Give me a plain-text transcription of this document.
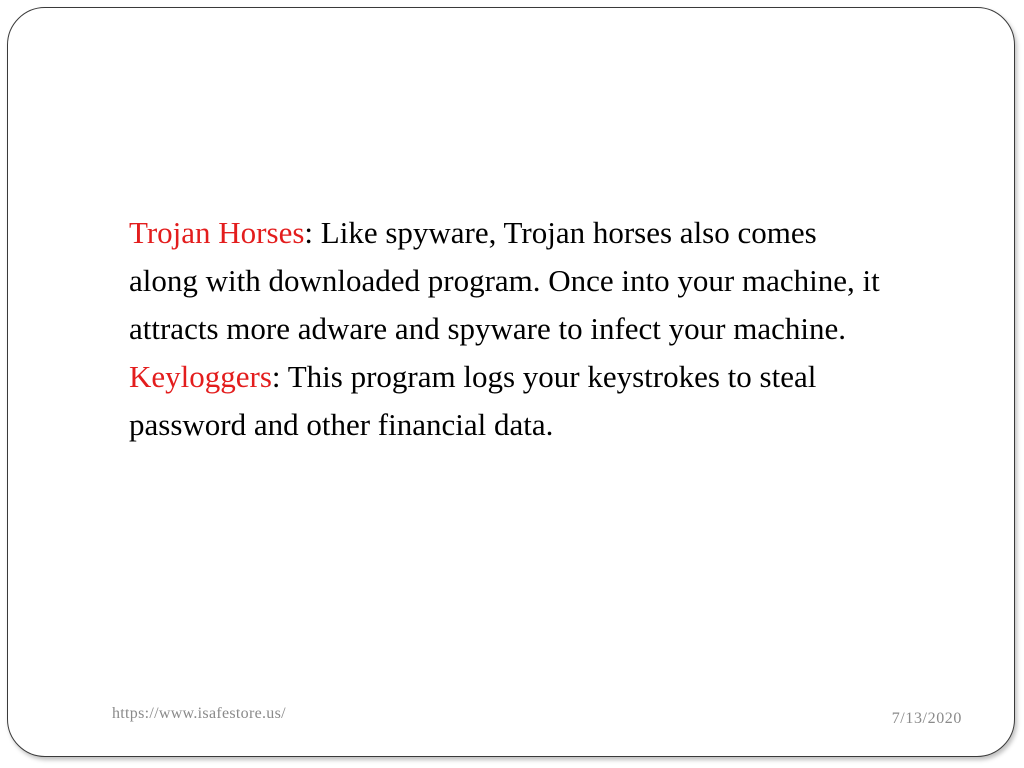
Trojan Horses: Like spyware, Trojan horses also comes along with downloaded program. Once into your machine, it attracts more adware and spyware to infect your machine.
Keyloggers: This program logs your keystrokes to steal password and other financial data.

https://www.isafestore.us/	7/13/2020
